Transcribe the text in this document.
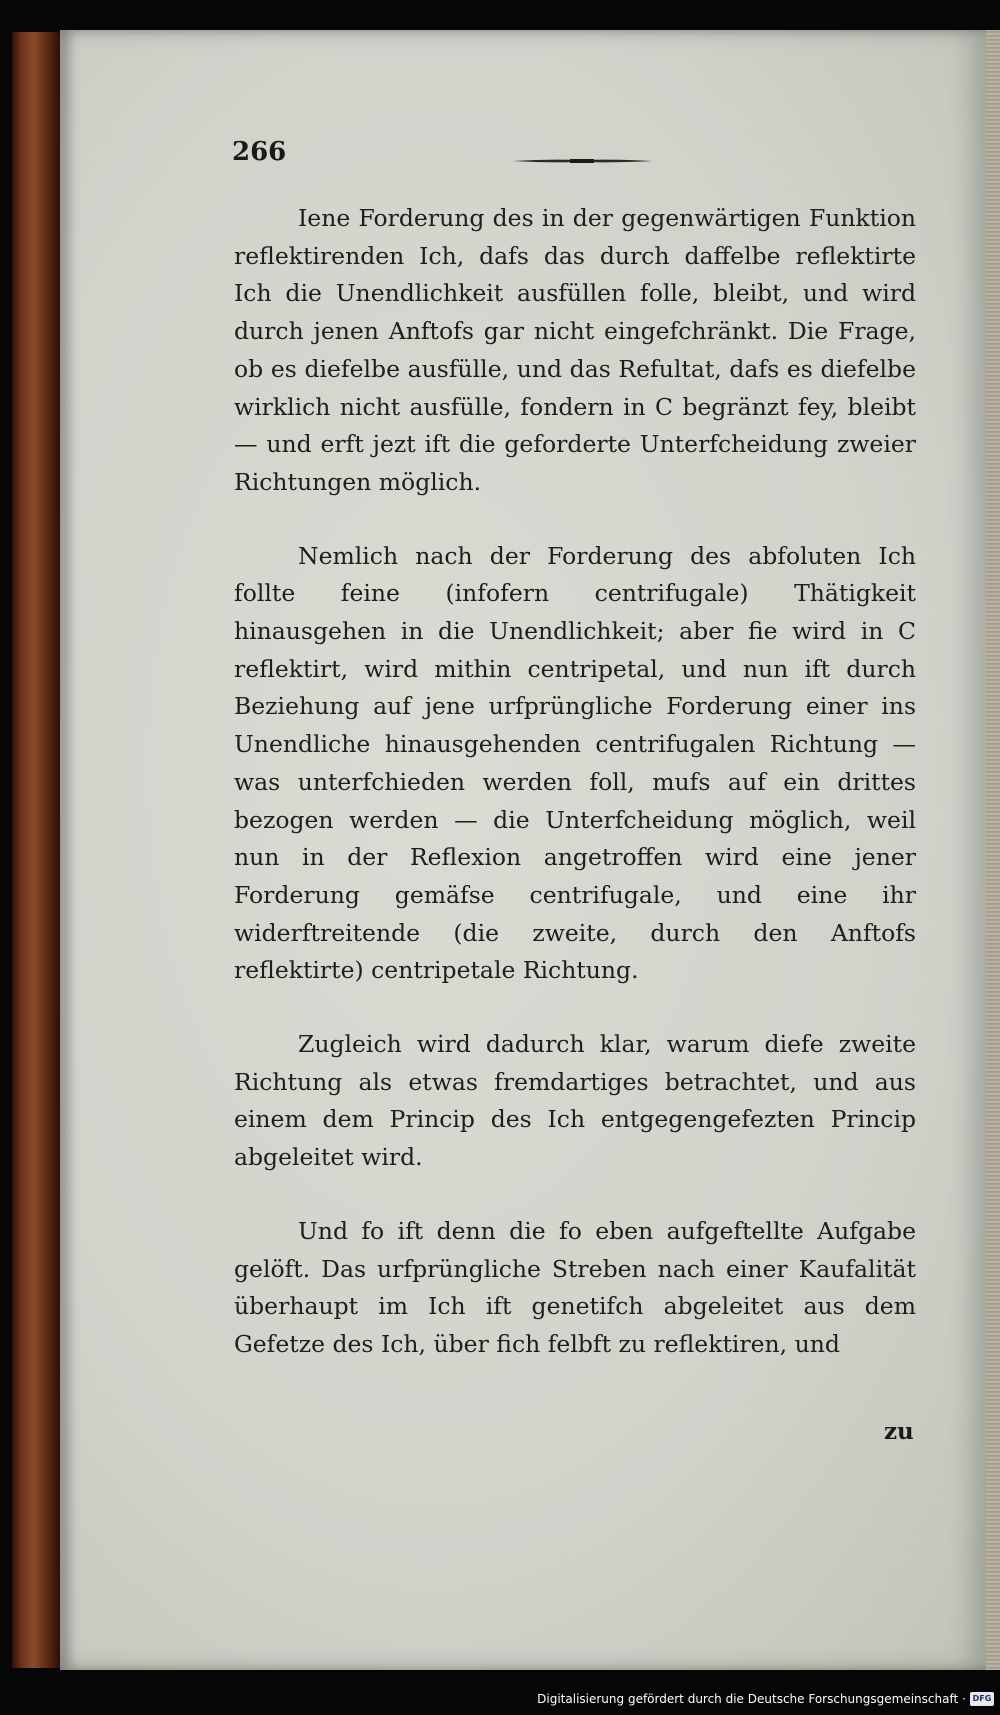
266

Iene Forderung des in der gegenwärtigen Funktion reflektirenden Ich, dafs das durch daffelbe reflektirte Ich die Unendlichkeit ausfüllen folle, bleibt, und wird durch jenen Anftofs gar nicht eingefchränkt. Die Frage, ob es diefelbe ausfülle, und das Refultat, dafs es diefelbe wirklich nicht ausfülle, fondern in C begränzt fey, bleibt — und erft jezt ift die geforderte Unterfcheidung zweier Richtungen möglich.

Nemlich nach der Forderung des abfoluten Ich follte feine (infofern centrifugale) Thätigkeit hinausgehen in die Unendlichkeit; aber fie wird in C reflektirt, wird mithin centripetal, und nun ift durch Beziehung auf jene urfprüngliche Forderung einer ins Unendliche hinausgehenden centrifugalen Richtung — was unterfchieden werden foll, mufs auf ein drittes bezogen werden — die Unterfcheidung möglich, weil nun in der Reflexion angetroffen wird eine jener Forderung gemäfse centrifugale, und eine ihr widerftreitende (die zweite, durch den Anftofs reflektirte) centripetale Richtung.

Zugleich wird dadurch klar, warum diefe zweite Richtung als etwas fremdartiges betrachtet, und aus einem dem Princip des Ich entgegengefezten Princip abgeleitet wird.

Und fo ift denn die fo eben aufgeftellte Aufgabe gelöft. Das urfprüngliche Streben nach einer Kaufalität überhaupt im Ich ift genetifch abgeleitet aus dem Gefetze des Ich, über fich felbft zu reflektiren, und

zu
Digitalisierung gefördert durch die Deutsche Forschungsgemeinschaft · DFG
